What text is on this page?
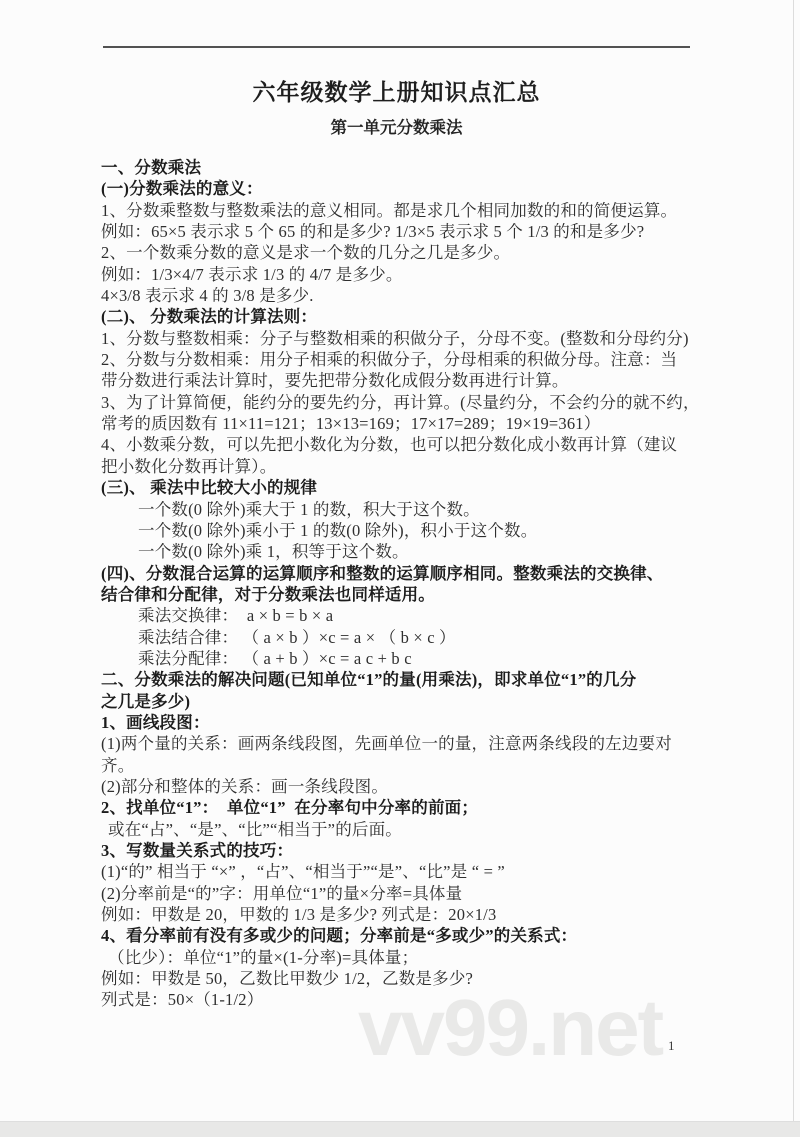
六年级数学上册知识点汇总
第一单元分数乘法
一、分数乘法
(一)分数乘法的意义：
1、分数乘整数与整数乘法的意义相同。都是求几个相同加数的和的简便运算。
例如：65×5 表示求 5 个 65 的和是多少? 1/3×5 表示求 5 个 1/3 的和是多少?
2、一个数乘分数的意义是求一个数的几分之几是多少。
例如：1/3×4/7 表示求 1/3 的 4/7 是多少。
4×3/8 表示求 4 的 3/8 是多少.
(二)、 分数乘法的计算法则：
1、分数与整数相乘：分子与整数相乘的积做分子，分母不变。(整数和分母约分)
2、分数与分数相乘：用分子相乘的积做分子，分母相乘的积做分母。注意：当
带分数进行乘法计算时，要先把带分数化成假分数再进行计算。
3、为了计算简便，能约分的要先约分，再计算。(尽量约分，不会约分的就不约，
常考的质因数有 11×11=121；13×13=169；17×17=289；19×19=361）
4、小数乘分数，可以先把小数化为分数，也可以把分数化成小数再计算（建议
把小数化分数再计算）。
(三)、 乘法中比较大小的规律
一个数(0 除外)乘大于 1 的数，积大于这个数。
一个数(0 除外)乘小于 1 的数(0 除外)，积小于这个数。
一个数(0 除外)乘 1，积等于这个数。
(四)、分数混合运算的运算顺序和整数的运算顺序相同。整数乘法的交换律、
结合律和分配律，对于分数乘法也同样适用。
乘法交换律：  a × b = b × a
乘法结合律： （ a × b ）×c = a × （ b × c ）
乘法分配律： （ a + b ）×c = a c + b c
二、分数乘法的解决问题(已知单位“1”的量(用乘法)，即求单位“1”的几分
之几是多少)
1、画线段图：
(1)两个量的关系：画两条线段图，先画单位一的量，注意两条线段的左边要对
齐。
(2)部分和整体的关系：画一条线段图。
2、找单位“1”：  单位“1”  在分率句中分率的前面；
或在“占”、“是”、“比”“相当于”的后面。
3、写数量关系式的技巧：
(1)“的” 相当于 “×” ，“占”、“相当于”“是”、“比”是 “ = ”
(2)分率前是“的”字：用单位“1”的量×分率=具体量
例如：甲数是 20，甲数的 1/3 是多少? 列式是：20×1/3
4、看分率前有没有多或少的问题；分率前是“多或少”的关系式：
（比少）：单位“1”的量×(1-分率)=具体量；
例如：甲数是 50，乙数比甲数少 1/2，乙数是多少?
列式是：50×（1-1/2）	vv99.net 1
